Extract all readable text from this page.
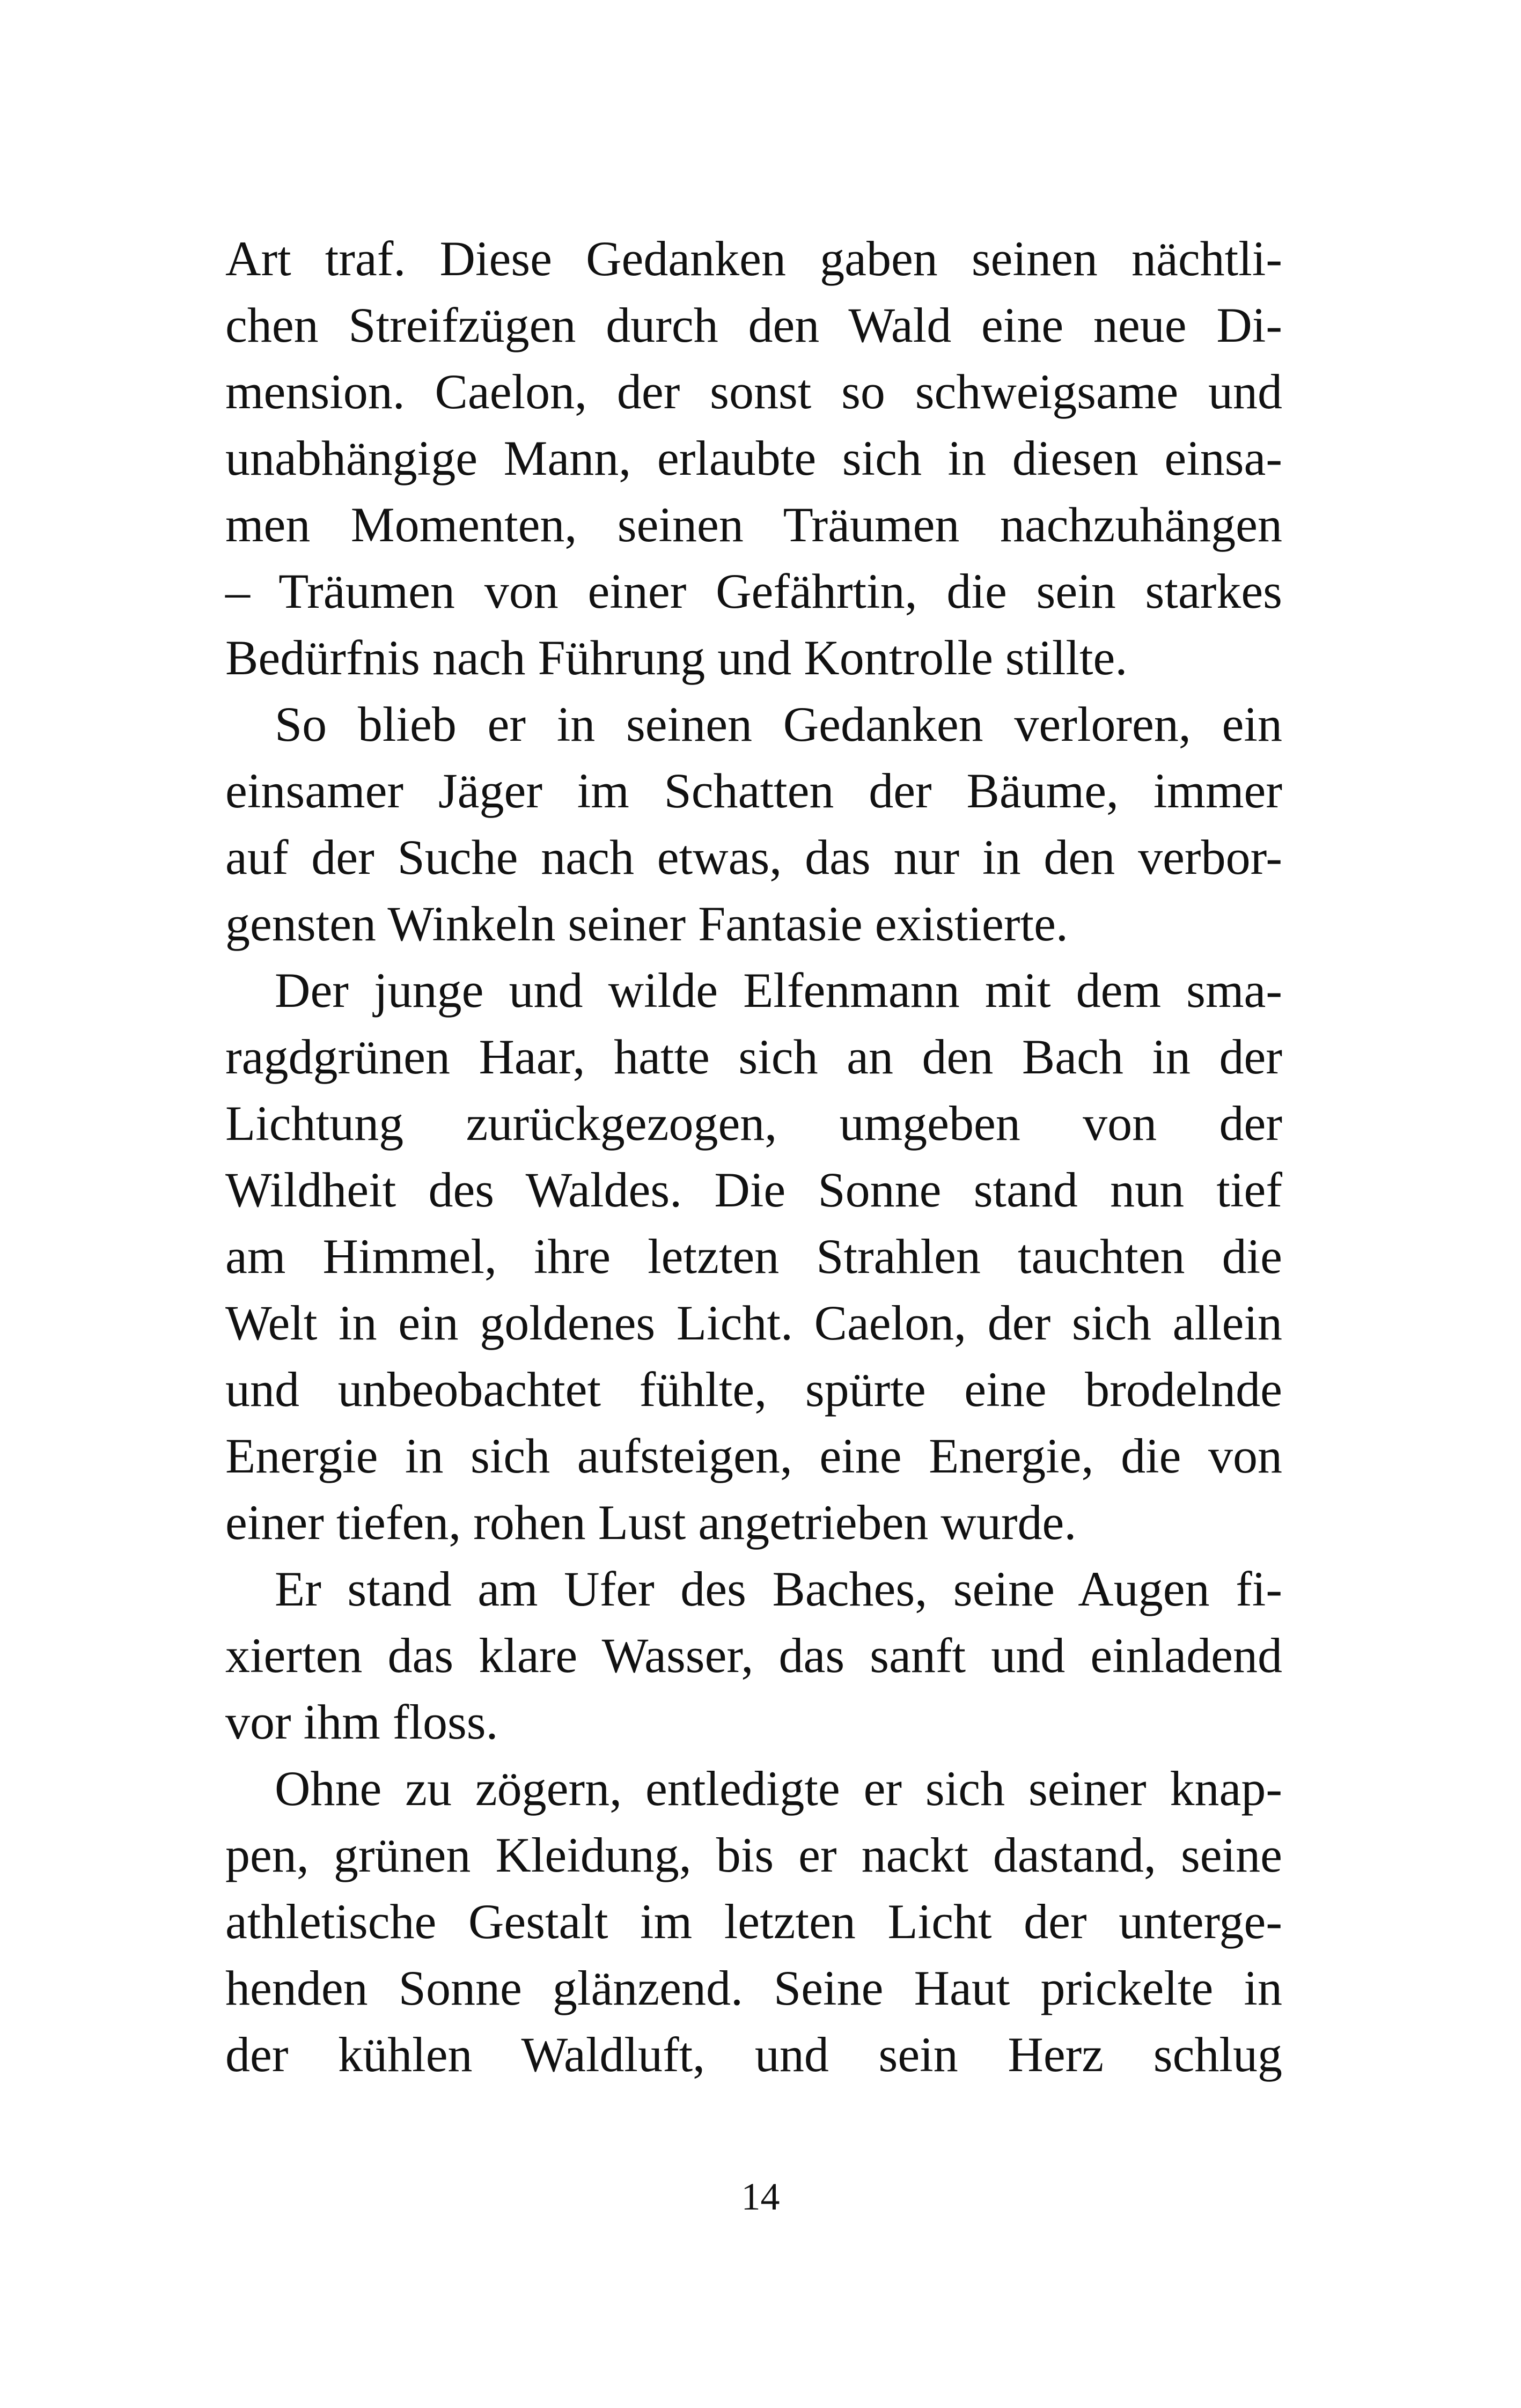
Art traf. Diese Gedanken gaben seinen nächtli-
chen Streifzügen durch den Wald eine neue Di-
mension. Caelon, der sonst so schweigsame und
unabhängige Mann, erlaubte sich in diesen einsa-
men Momenten, seinen Träumen nachzuhängen
– Träumen von einer Gefährtin, die sein starkes
Bedürfnis nach Führung und Kontrolle stillte.
So blieb er in seinen Gedanken verloren, ein
einsamer Jäger im Schatten der Bäume, immer
auf der Suche nach etwas, das nur in den verbor-
gensten Winkeln seiner Fantasie existierte.
Der junge und wilde Elfenmann mit dem sma-
ragdgrünen Haar, hatte sich an den Bach in der
Lichtung zurückgezogen, umgeben von der
Wildheit des Waldes. Die Sonne stand nun tief
am Himmel, ihre letzten Strahlen tauchten die
Welt in ein goldenes Licht. Caelon, der sich allein
und unbeobachtet fühlte, spürte eine brodelnde
Energie in sich aufsteigen, eine Energie, die von
einer tiefen, rohen Lust angetrieben wurde.
Er stand am Ufer des Baches, seine Augen fi-
xierten das klare Wasser, das sanft und einladend
vor ihm floss.
Ohne zu zögern, entledigte er sich seiner knap-
pen, grünen Kleidung, bis er nackt dastand, seine
athletische Gestalt im letzten Licht der unterge-
henden Sonne glänzend. Seine Haut prickelte in
der kühlen Waldluft, und sein Herz schlug
14
